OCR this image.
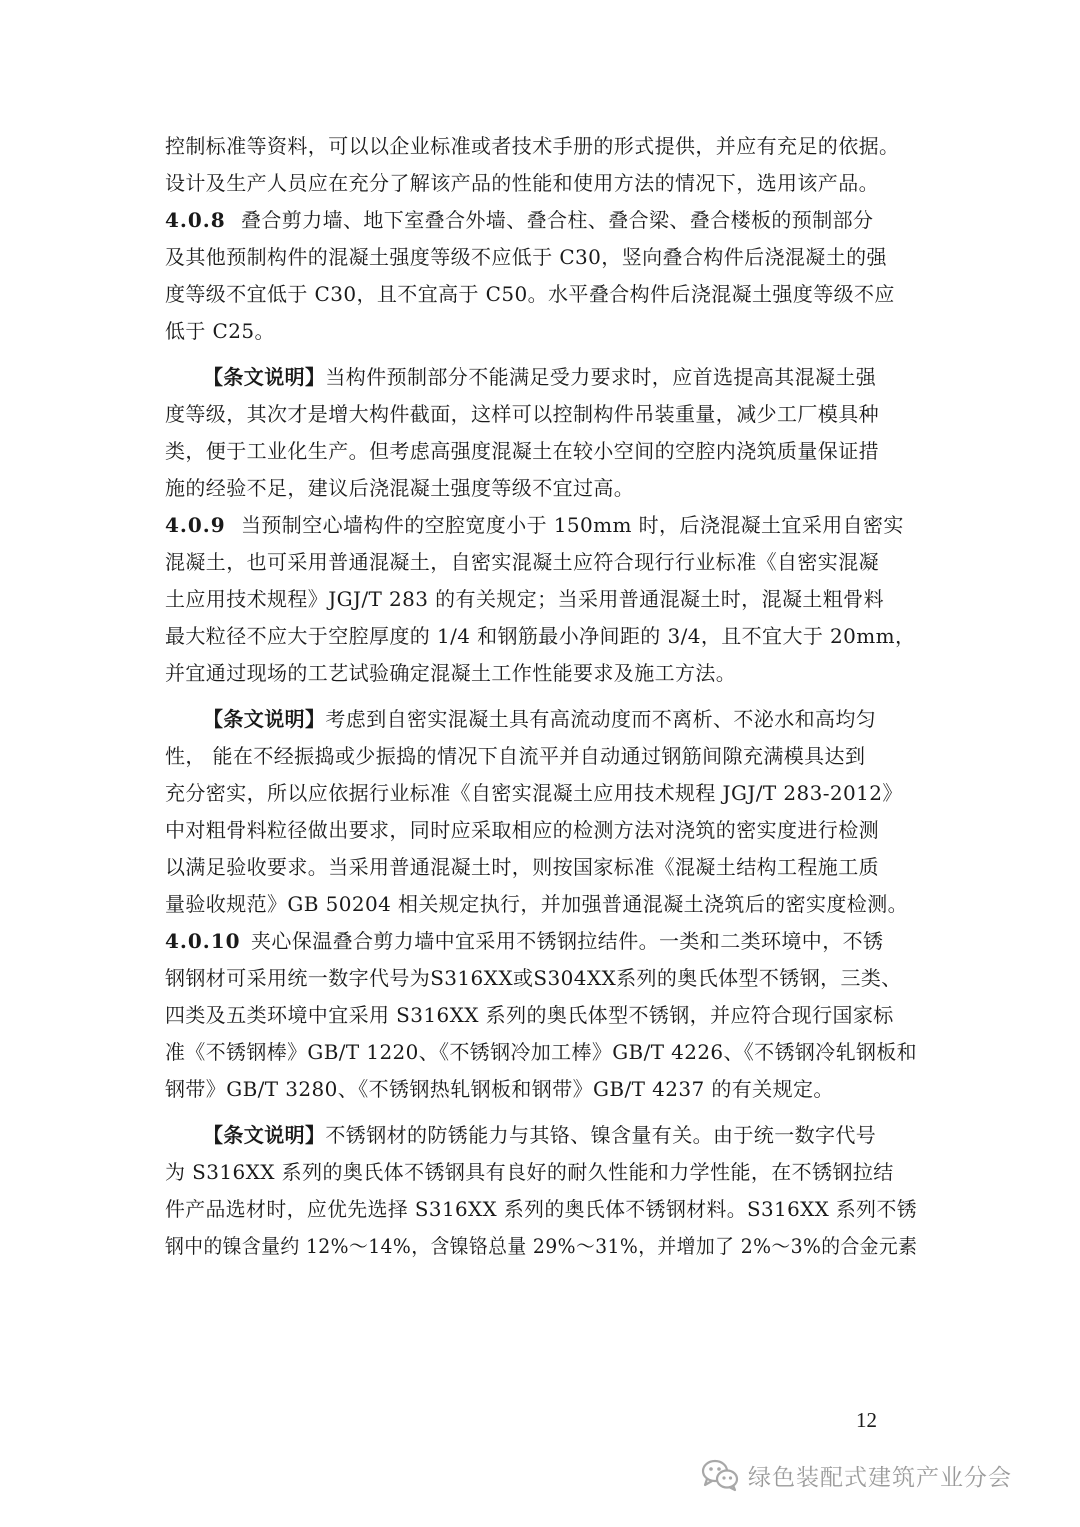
控制标准等资料，可以以企业标准或者技术手册的形式提供，并应有充足的依据。
设计及生产人员应在充分了解该产品的性能和使用方法的情况下，选用该产品。
4.0.8 叠合剪力墙、地下室叠合外墙、叠合柱、叠合梁、叠合楼板的预制部分
及其他预制构件的混凝土强度等级不应低于 C30，竖向叠合构件后浇混凝土的强
度等级不宜低于 C30，且不宜高于 C50。水平叠合构件后浇混凝土强度等级不应
低于 C25。
【条文说明】当构件预制部分不能满足受力要求时，应首选提高其混凝土强
度等级，其次才是增大构件截面，这样可以控制构件吊装重量，减少工厂模具种
类，便于工业化生产。但考虑高强度混凝土在较小空间的空腔内浇筑质量保证措
施的经验不足，建议后浇混凝土强度等级不宜过高。
4.0.9 当预制空心墙构件的空腔宽度小于 150mm 时，后浇混凝土宜采用自密实
混凝土，也可采用普通混凝土，自密实混凝土应符合现行行业标准《自密实混凝
土应用技术规程》JGJ/T 283 的有关规定；当采用普通混凝土时，混凝土粗骨料
最大粒径不应大于空腔厚度的 1/4 和钢筋最小净间距的 3/4，且不宜大于 20mm，
并宜通过现场的工艺试验确定混凝土工作性能要求及施工方法。
【条文说明】考虑到自密实混凝土具有高流动度而不离析、不泌水和高均匀
性， 能在不经振捣或少振捣的情况下自流平并自动通过钢筋间隙充满模具达到
充分密实，所以应依据行业标准《自密实混凝土应用技术规程 JGJ/T 283-2012》
中对粗骨料粒径做出要求，同时应采取相应的检测方法对浇筑的密实度进行检测
以满足验收要求。当采用普通混凝土时，则按国家标准《混凝土结构工程施工质
量验收规范》GB 50204 相关规定执行，并加强普通混凝土浇筑后的密实度检测。
4.0.10 夹心保温叠合剪力墙中宜采用不锈钢拉结件。一类和二类环境中，不锈
钢钢材可采用统一数字代号为S316XX或S304XX系列的奥氏体型不锈钢，三类、
四类及五类环境中宜采用 S316XX 系列的奥氏体型不锈钢，并应符合现行国家标
准《不锈钢棒》GB/T 1220、《不锈钢冷加工棒》GB/T 4226、《不锈钢冷轧钢板和
钢带》GB/T 3280、《不锈钢热轧钢板和钢带》GB/T 4237 的有关规定。
【条文说明】不锈钢材的防锈能力与其铬、镍含量有关。由于统一数字代号
为 S316XX 系列的奥氏体不锈钢具有良好的耐久性能和力学性能，在不锈钢拉结
件产品选材时，应优先选择 S316XX 系列的奥氏体不锈钢材料。S316XX 系列不锈
钢中的镍含量约 12%～14%，含镍铬总量 29%～31%，并增加了 2%～3%的合金元素
12
绿色装配式建筑产业分会
